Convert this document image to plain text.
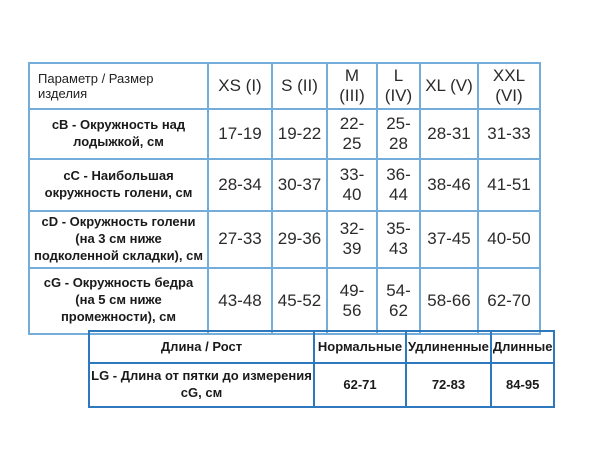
Параметр / Размер изделия	XS (I)	S (II)	M (III)	L (IV)	XL (V)	XXL (VI)
cB - Окружность над лодыжкой, см	17-19	19-22	22-25	25-28	28-31	31-33
cC - Наибольшая окружность голени, см	28-34	30-37	33-40	36-44	38-46	41-51
cD - Окружность голени (на 3 см ниже подколенной складки), см	27-33	29-36	32-39	35-43	37-45	40-50
cG - Окружность бедра (на 5 см ниже промежности), см	43-48	45-52	49-56	54-62	58-66	62-70
Длина / Рост	Нормальные	Удлиненные	Длинные
LG - Длина от пятки до измерения cG, см	62-71	72-83	84-95
